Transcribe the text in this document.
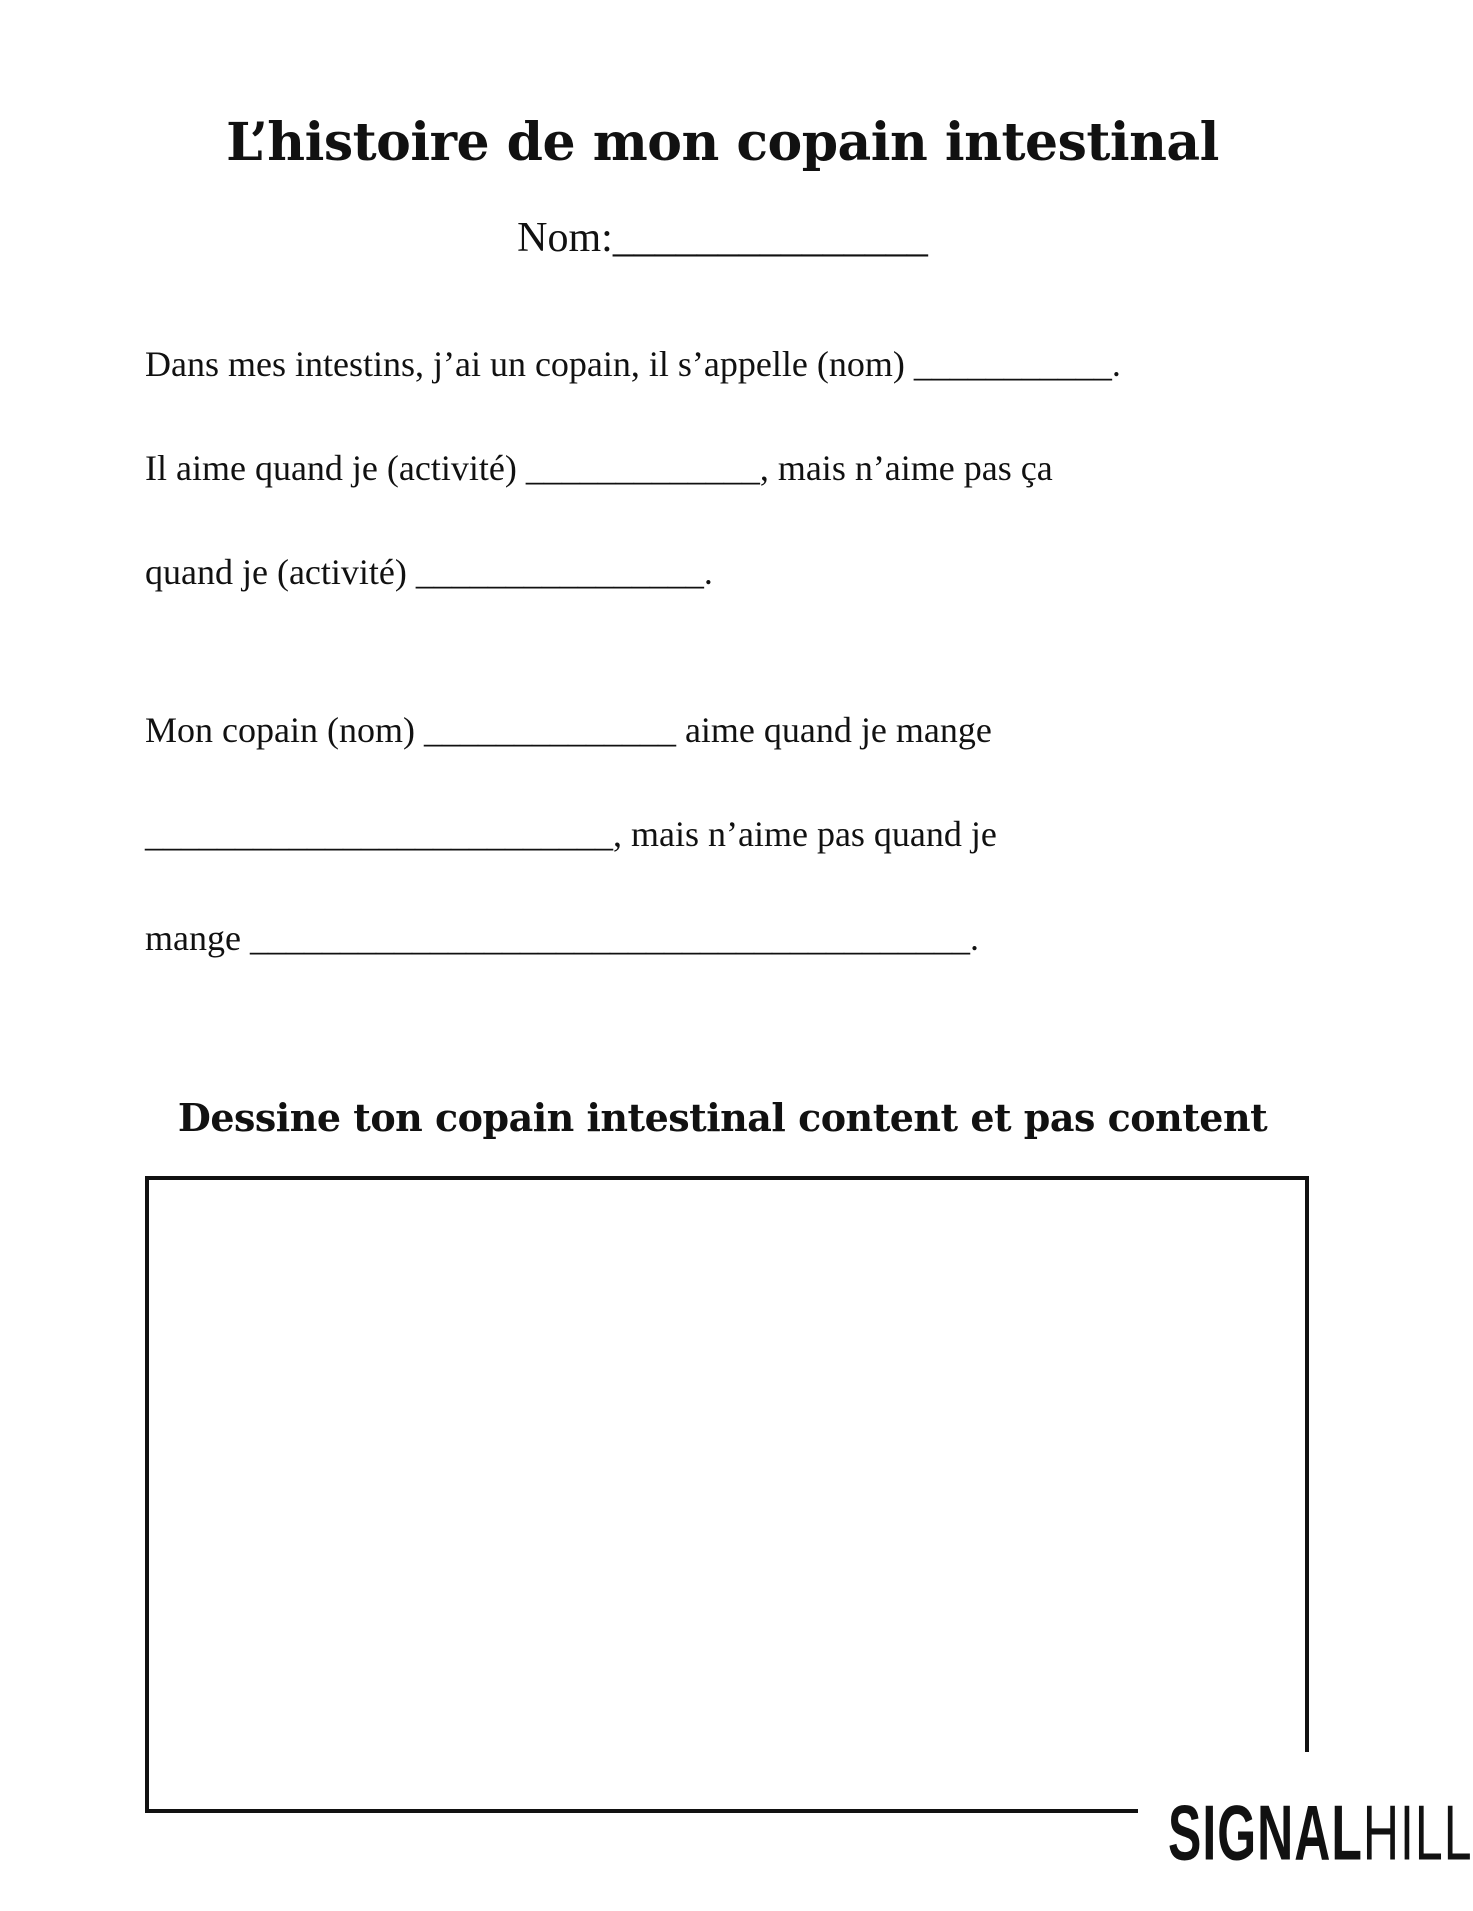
L’histoire de mon copain intestinal
Nom:_______________
Dans mes intestins, j’ai un copain, il s’appelle (nom) ___________.
Il aime quand je (activité) _____________, mais n’aime pas ça
quand je (activité) ________________.
Mon copain (nom) ______________ aime quand je mange
__________________________, mais n’aime pas quand je
mange ________________________________________.
Dessine ton copain intestinal content et pas content
SIGNALHILL
